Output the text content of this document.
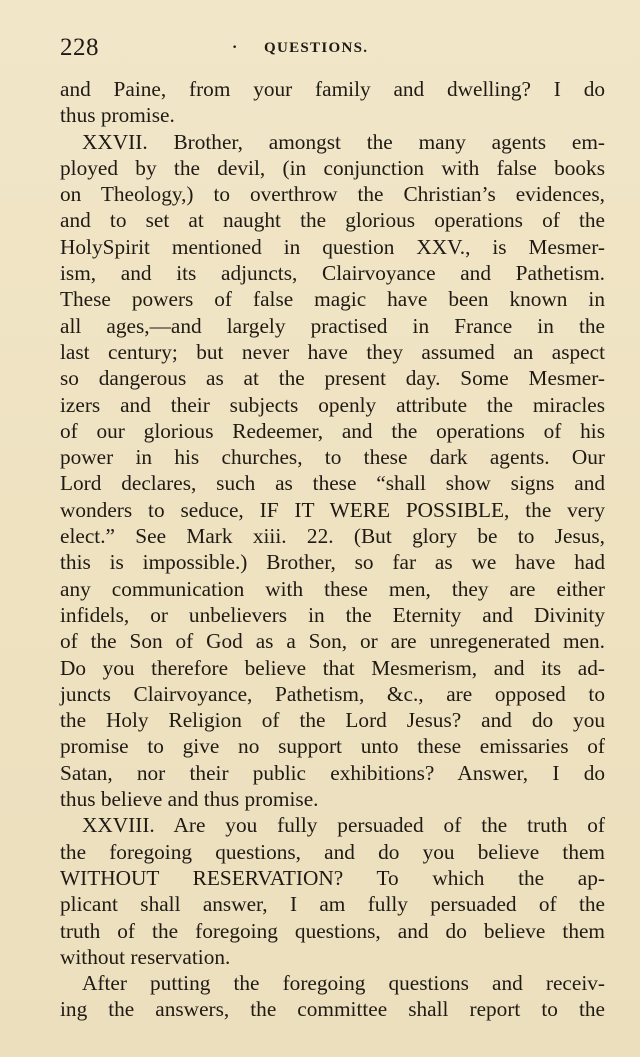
228	· QUESTIONS.
and Paine, from your family and dwelling? I do
thus promise.
XXVII. Brother, amongst the many agents em-
ployed by the devil, (in conjunction with false books
on Theology,) to overthrow the Christian’s evidences,
and to set at naught the glorious operations of the
HolySpirit mentioned in question XXV., is Mesmer-
ism, and its adjuncts, Clairvoyance and Pathetism.
These powers of false magic have been known in
all ages,—and largely practised in France in the
last century; but never have they assumed an aspect
so dangerous as at the present day. Some Mesmer-
izers and their subjects openly attribute the miracles
of our glorious Redeemer, and the operations of his
power in his churches, to these dark agents. Our
Lord declares, such as these “shall show signs and
wonders to seduce, IF IT WERE POSSIBLE, the very
elect.” See Mark xiii. 22. (But glory be to Jesus,
this is impossible.) Brother, so far as we have had
any communication with these men, they are either
infidels, or unbelievers in the Eternity and Divinity
of the Son of God as a Son, or are unregenerated men.
Do you therefore believe that Mesmerism, and its ad-
juncts Clairvoyance, Pathetism, &c., are opposed to
the Holy Religion of the Lord Jesus? and do you
promise to give no support unto these emissaries of
Satan, nor their public exhibitions? Answer, I do
thus believe and thus promise.
XXVIII. Are you fully persuaded of the truth of
the foregoing questions, and do you believe them
WITHOUT RESERVATION? To which the ap-
plicant shall answer, I am fully persuaded of the
truth of the foregoing questions, and do believe them
without reservation.
After putting the foregoing questions and receiv-
ing the answers, the committee shall report to the
